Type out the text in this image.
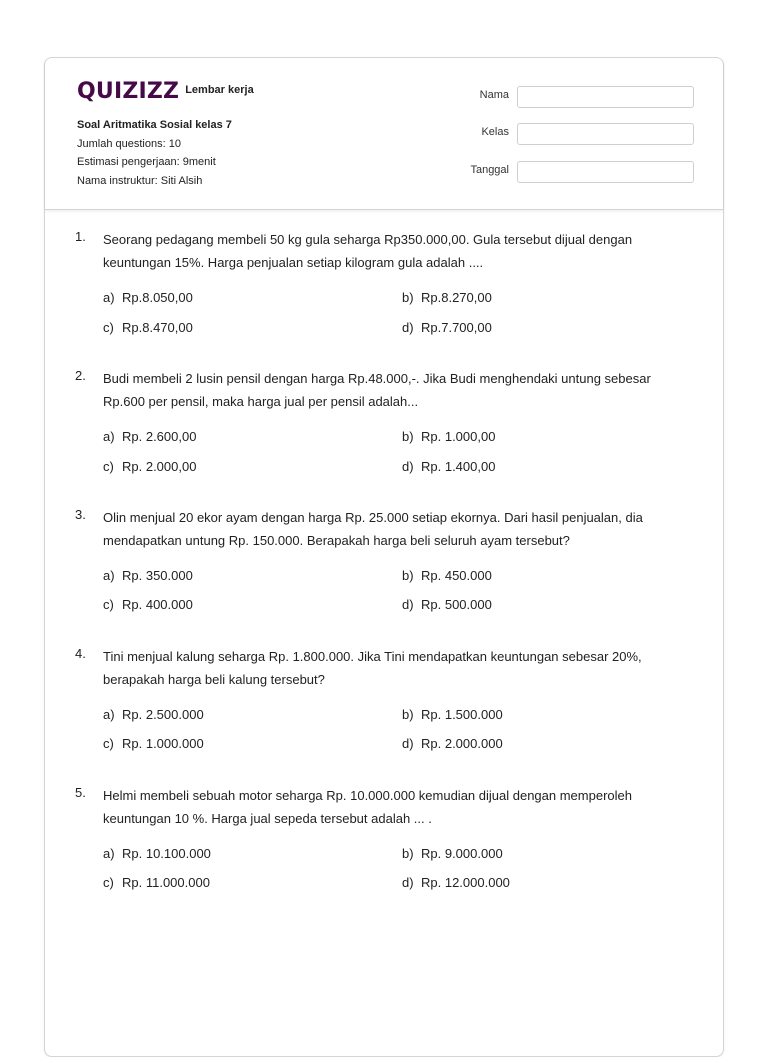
QUIZIZZ Lembar kerja
Soal Aritmatika Sosial kelas 7
Jumlah questions: 10
Estimasi pengerjaan: 9menit
Nama instruktur: Siti Alsih
Nama
Kelas
Tanggal
1. Seorang pedagang membeli 50 kg gula seharga Rp350.000,00. Gula tersebut dijual dengan keuntungan 15%. Harga penjualan setiap kilogram gula adalah ....
a) Rp.8.050,00	b) Rp.8.270,00
c) Rp.8.470,00	d) Rp.7.700,00
2. Budi membeli 2 lusin pensil dengan harga Rp.48.000,-. Jika Budi menghendaki untung sebesar Rp.600 per pensil, maka harga jual per pensil adalah...
a) Rp. 2.600,00	b) Rp. 1.000,00
c) Rp. 2.000,00	d) Rp. 1.400,00
3. Olin menjual 20 ekor ayam dengan harga Rp. 25.000 setiap ekornya. Dari hasil penjualan, dia mendapatkan untung Rp. 150.000. Berapakah harga beli seluruh ayam tersebut?
a) Rp. 350.000	b) Rp. 450.000
c) Rp. 400.000	d) Rp. 500.000
4. Tini menjual kalung seharga Rp. 1.800.000. Jika Tini mendapatkan keuntungan sebesar 20%, berapakah harga beli kalung tersebut?
a) Rp. 2.500.000	b) Rp. 1.500.000
c) Rp. 1.000.000	d) Rp. 2.000.000
5. Helmi membeli sebuah motor seharga Rp. 10.000.000 kemudian dijual dengan memperoleh keuntungan 10 %. Harga jual sepeda tersebut adalah ... .
a) Rp. 10.100.000	b) Rp. 9.000.000
c) Rp. 11.000.000	d) Rp. 12.000.000
